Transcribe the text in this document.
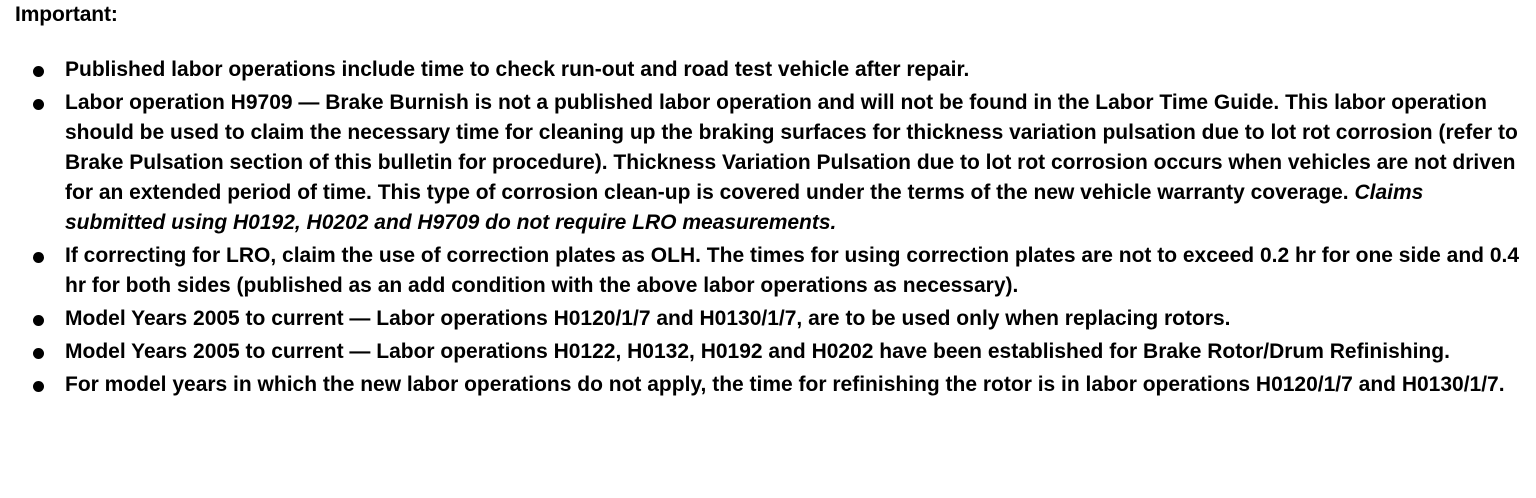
Important:
Published labor operations include time to check run-out and road test vehicle after repair.
Labor operation H9709 — Brake Burnish is not a published labor operation and will not be found in the Labor Time Guide. This labor operation should be used to claim the necessary time for cleaning up the braking surfaces for thickness variation pulsation due to lot rot corrosion (refer to Brake Pulsation section of this bulletin for procedure). Thickness Variation Pulsation due to lot rot corrosion occurs when vehicles are not driven for an extended period of time. This type of corrosion clean-up is covered under the terms of the new vehicle warranty coverage. Claims submitted using H0192, H0202 and H9709 do not require LRO measurements.
If correcting for LRO, claim the use of correction plates as OLH. The times for using correction plates are not to exceed 0.2 hr for one side and 0.4 hr for both sides (published as an add condition with the above labor operations as necessary).
Model Years 2005 to current — Labor operations H0120/1/7 and H0130/1/7, are to be used only when replacing rotors.
Model Years 2005 to current — Labor operations H0122, H0132, H0192 and H0202 have been established for Brake Rotor/Drum Refinishing.
For model years in which the new labor operations do not apply, the time for refinishing the rotor is in labor operations H0120/1/7 and H0130/1/7.
